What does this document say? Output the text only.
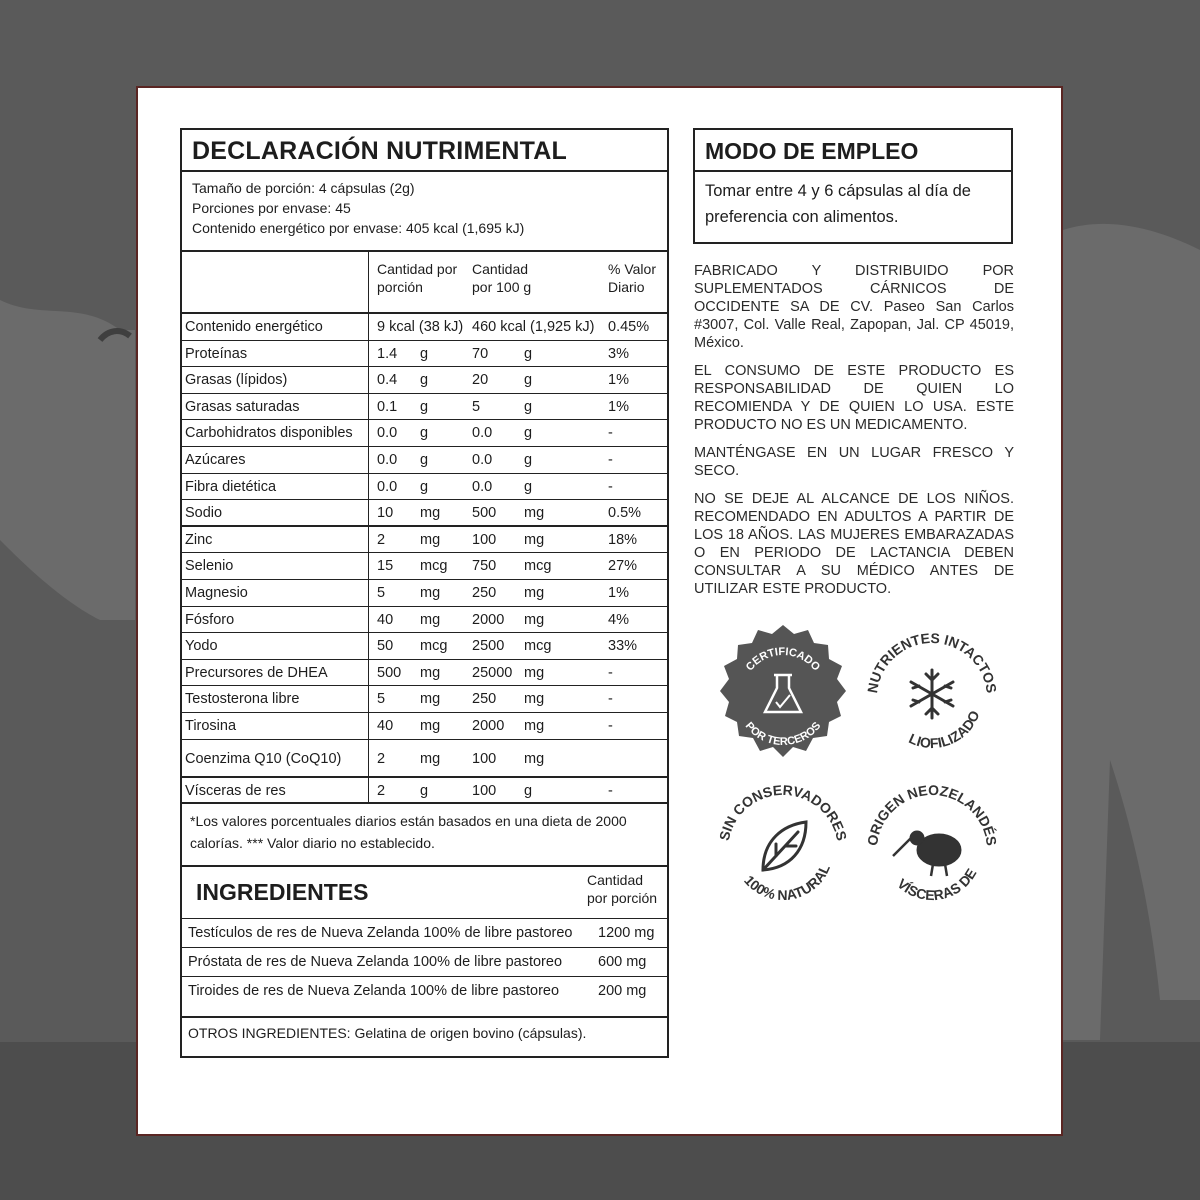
DECLARACIÓN NUTRIMENTAL
Tamaño de porción: 4 cápsulas (2g)
Porciones por envase: 45
Contenido energético por envase: 405 kcal (1,695 kJ)
Cantidad por porción
Cantidad por 100 g
% Valor Diario
Contenido energético	9 kcal (38 kJ) 460 kcal (1,925 kJ) 0.45%
Proteínas	1.4 g	70 g	3%
Grasas (lípidos)	0.4 g	20 g	1%
Grasas saturadas	0.1 g	5	g	1%
Carbohidratos disponibles 0.0 g	0.0 g	-
Azúcares	0.0 g	0.0 g	-
Fibra dietética	0.0 g	0.0 g	-
Sodio	10 mg 500 mg	0.5%
Zinc	2 mg 100 mg	18%
Selenio	15 mcg 750 mcg	27%
Magnesio	5 mg 250 mg	1%
Fósforo	40 mg 2000 mg	4%
Yodo	50 mcg 2500 mcg	33%
Precursores de DHEA	500 mg 25000 mg	-
Testosterona libre	5 mg 250 mg	-
Tirosina	40 mg 2000 mg	-
Coenzima Q10 (CoQ10) 2 mg 100 mg
Vísceras de res	2 g	100 g	-
*Los valores porcentuales diarios están basados en una dieta de 2000 calorías. *** Valor diario no establecido.
INGREDIENTES	Cantidad por porción
Testículos de res de Nueva Zelanda 100% de libre pastoreo 1200 mg
Próstata de res de Nueva Zelanda 100% de libre pastoreo 600 mg
Tiroides de res de Nueva Zelanda 100% de libre pastoreo	200 mg
OTROS INGREDIENTES: Gelatina de origen bovino (cápsulas).
MODO DE EMPLEO
Tomar entre 4 y 6 cápsulas al día de preferencia con alimentos.

FABRICADO Y DISTRIBUIDO POR SUPLEMENTADOS CÁRNICOS DE OCCIDENTE SA DE CV. Paseo San Carlos #3007, Col. Valle Real, Zapopan, Jal. CP 45019, México.

EL CONSUMO DE ESTE PRODUCTO ES RESPONSABILIDAD DE QUIEN LO RECOMIENDA Y DE QUIEN LO USA. ESTE PRODUCTO NO ES UN MEDICAMENTO.

MANTÉNGASE EN UN LUGAR FRESCO Y SECO.

NO SE DEJE AL ALCANCE DE LOS NIÑOS. RECOMENDADO EN ADULTOS A PARTIR DE LOS 18 AÑOS. LAS MUJERES EMBARAZADAS O EN PERIODO DE LACTANCIA DEBEN CONSULTAR A SU MÉDICO ANTES DE UTILIZAR ESTE PRODUCTO.

CERTIFICADO
POR TERCEROS
NUTRIENTES INTACTOS
LIOFILIZADO
SIN CONSERVADORES
100% NATURAL
ORIGEN NEOZELANDÉS
VÍSCERAS DE
